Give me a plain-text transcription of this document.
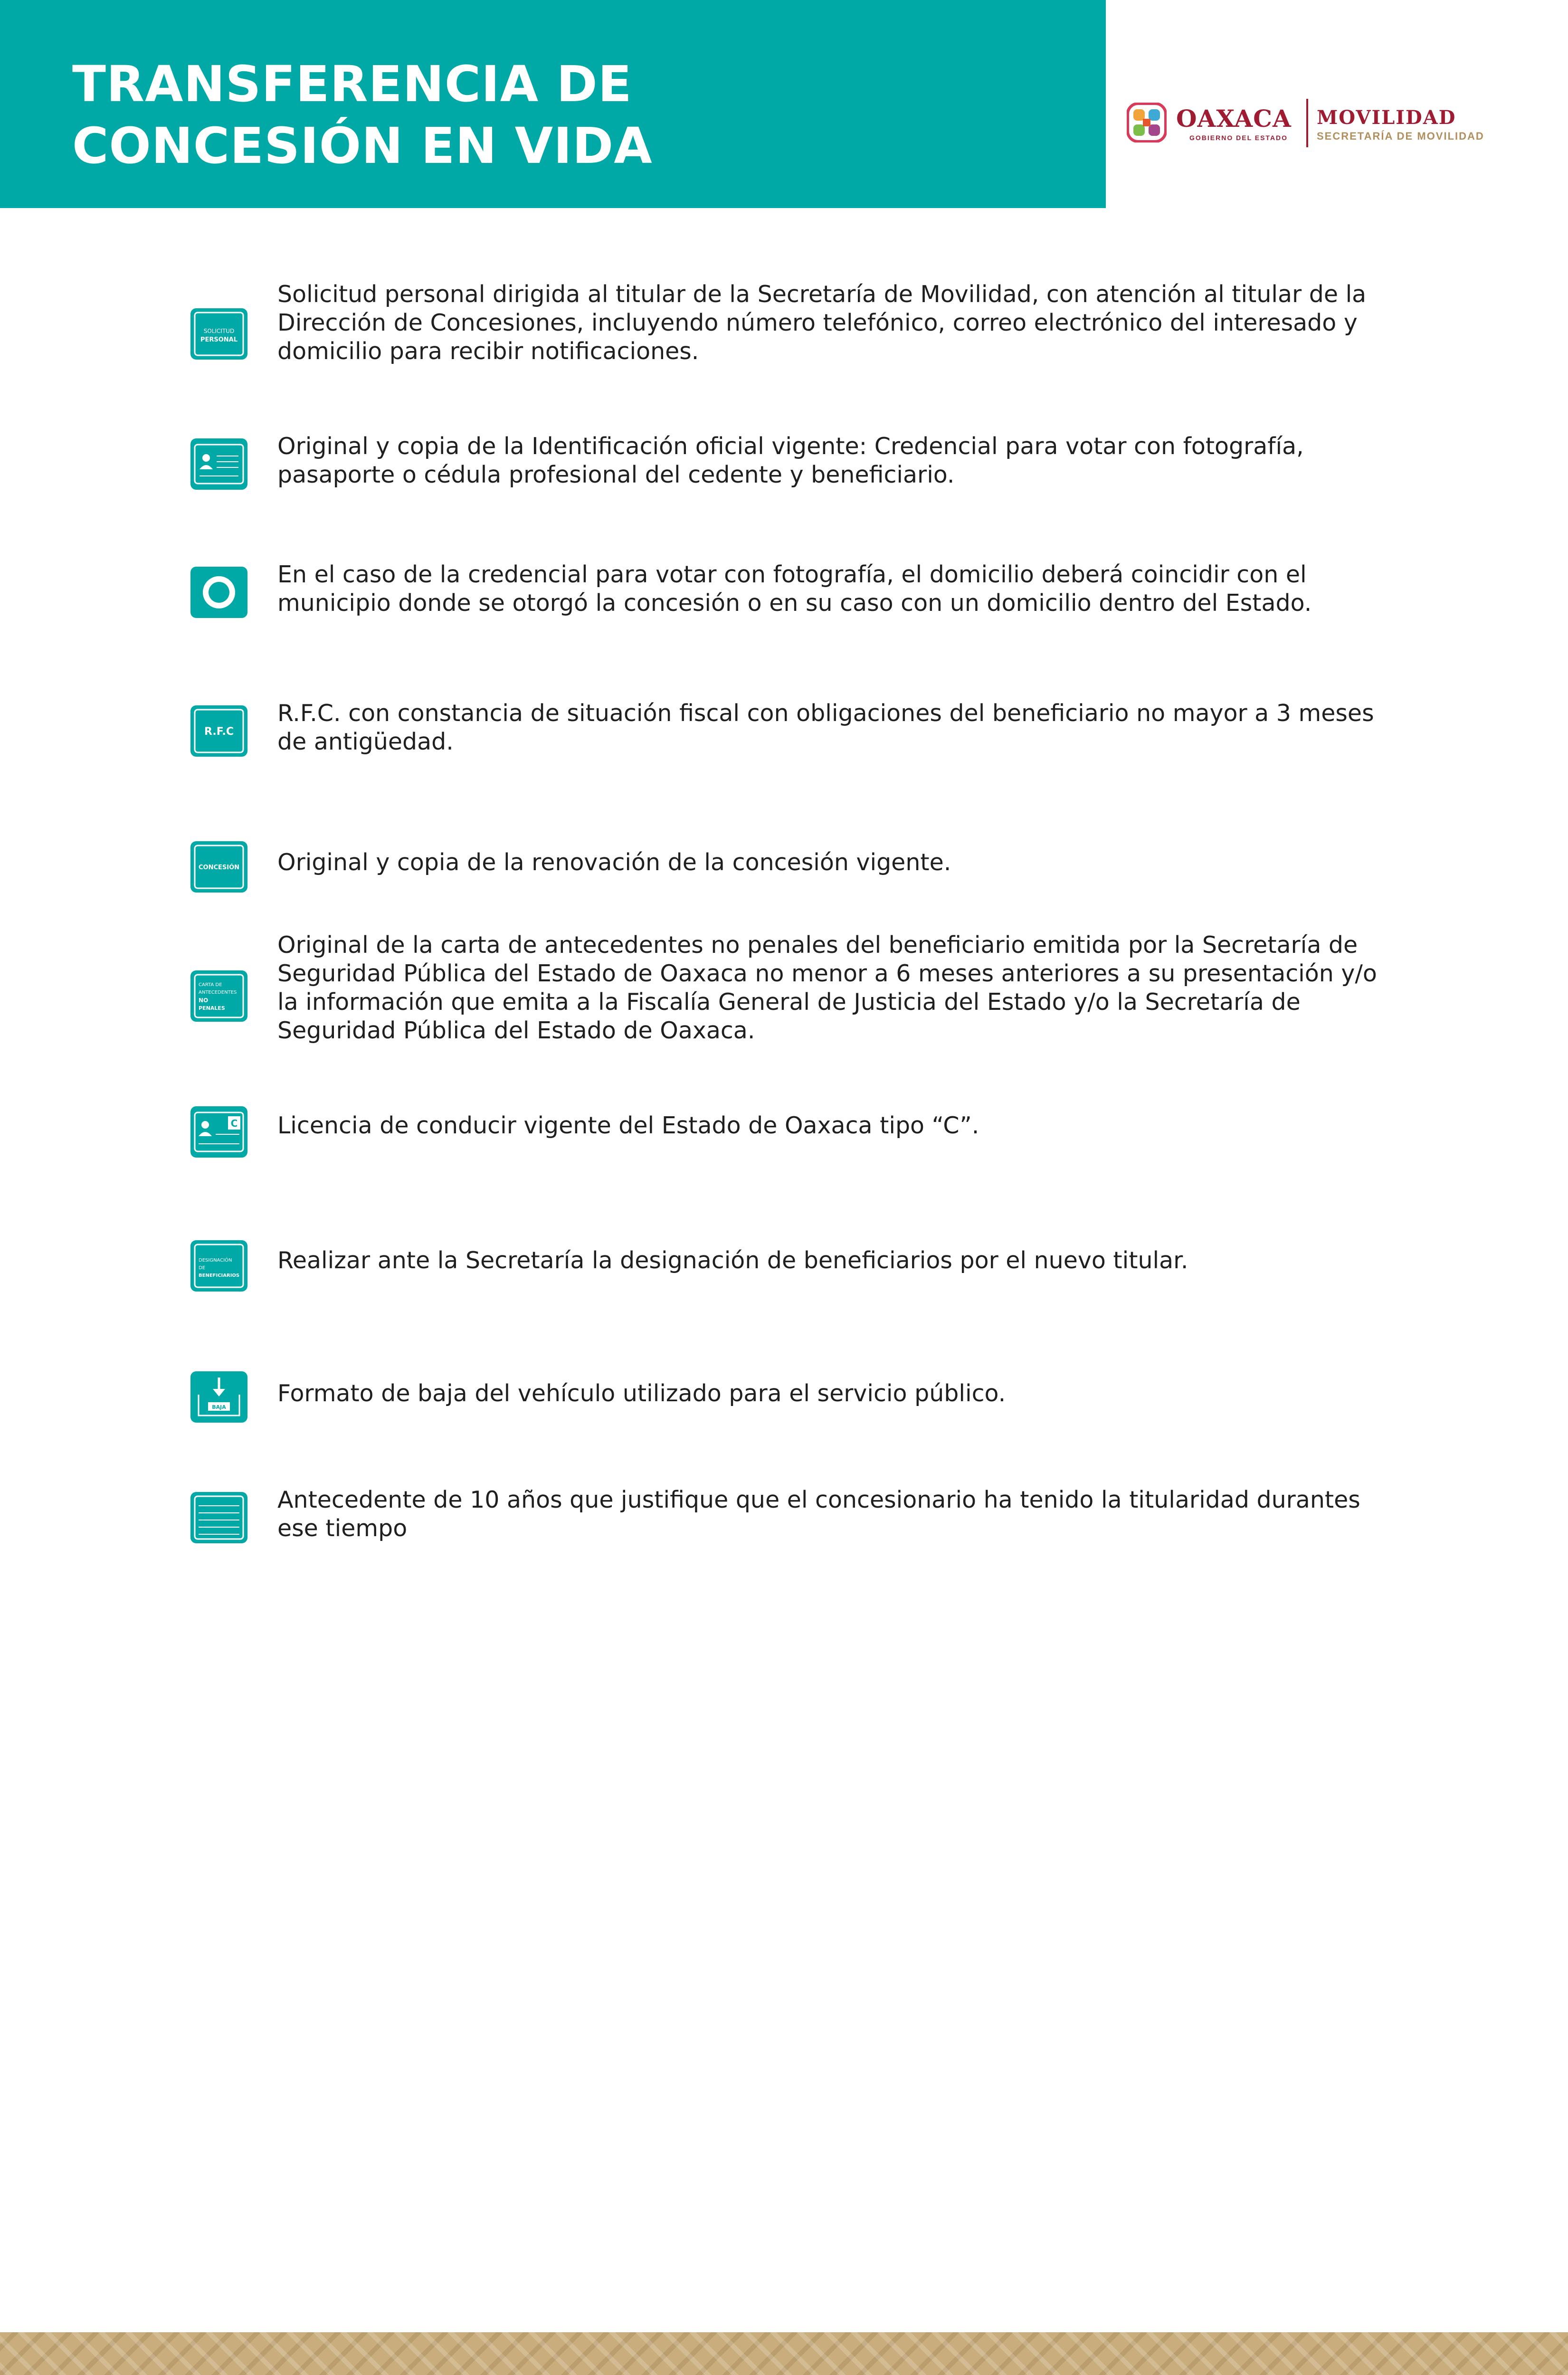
TRANSFERENCIA DE
CONCESIÓN EN VIDA	OAXACA
GOBIERNO DEL ESTADO
MOVILIDAD
SECRETARÍA DE MOVILIDAD
SOLICITUD
PERSONAL

Solicitud personal dirigida al titular de la Secretaría de Movilidad, con atención al titular de la Dirección de Concesiones, incluyendo número telefónico, correo electrónico del interesado y domicilio para recibir notificaciones.

Original y copia de la Identificación oficial vigente: Credencial para votar con fotografía, pasaporte o cédula profesional del cedente y beneficiario.

En el caso de la credencial para votar con fotografía, el domicilio deberá coincidir con el municipio donde se otorgó la concesión o en su caso con un domicilio dentro del Estado.

R.F.C

R.F.C. con constancia de situación fiscal con obligaciones del beneficiario no mayor a 3 meses de antigüedad.

CONCESIÓN Original y copia de la renovación de la concesión vigente.

CARTA DE
ANTECEDENTES
NO
PENALES

Original de la carta de antecedentes no penales del beneficiario emitida por la Secretaría de Seguridad Pública del Estado de Oaxaca no menor a 6 meses anteriores a su presentación y/o la información que emita a la Fiscalía General de Justicia del Estado y/o la Secretaría de Seguridad Pública del Estado de Oaxaca.

C Licencia de conducir vigente del Estado de Oaxaca tipo “C”.

DESIGNACIÓN
DE
BENEFICIARIOS

Realizar ante la Secretaría la designación de beneficiarios por el nuevo titular.

BAJA

Formato de baja del vehículo utilizado para el servicio público.

Antecedente de 10 años que justifique que el concesionario ha tenido la titularidad durantes ese tiempo
